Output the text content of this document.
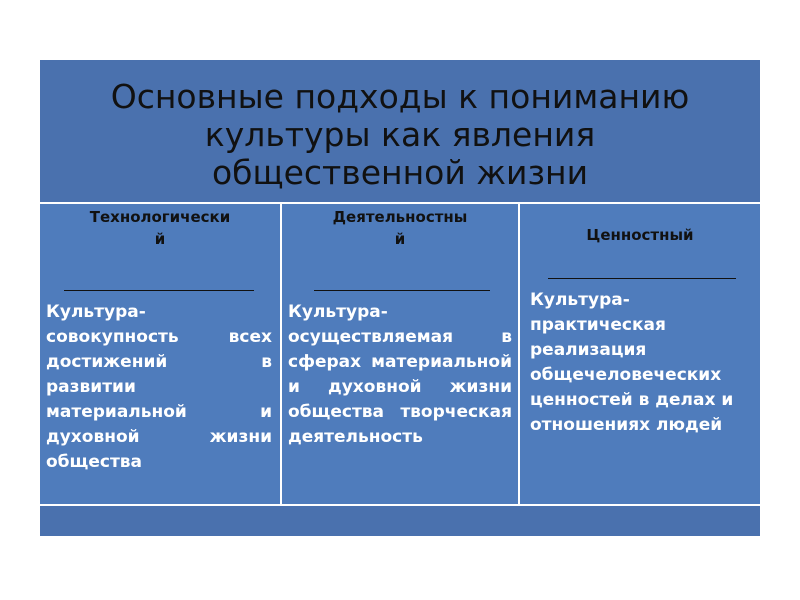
Основные подходы к пониманию
культуры как явления
общественной жизни
Технологически
й
Культура-совокупность всех достижений в развитии материальной и духовной жизни общества
Деятельностны
й
Культура-осуществляемая в сферах материальной и духовной жизни общества творческая деятельность
Ценностный
Культура-практическая реализация общечеловеческих ценностей в делах и отношениях людей
